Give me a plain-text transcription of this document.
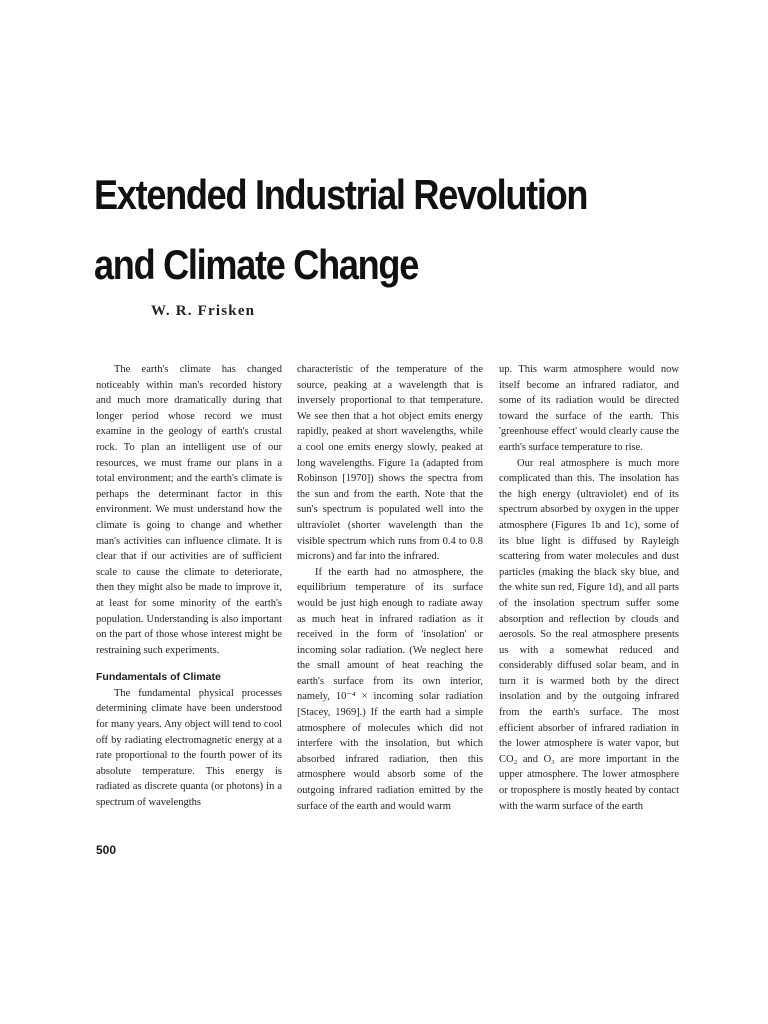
Extended Industrial Revolution
and Climate Change
W. R. Frisken

The earth's climate has changed noticeably within man's recorded history and much more dramatically during that longer period whose record we must examine in the geology of earth's crustal rock. To plan an intelligent use of our resources, we must frame our plans in a total environment; and the earth's climate is perhaps the determinant factor in this environment. We must understand how the climate is going to change and whether man's activities can influence climate. It is clear that if our activities are of sufficient scale to cause the climate to deteriorate, then they might also be made to improve it, at least for some minority of the earth's population. Understanding is also important on the part of those whose interest might be restraining such experiments.

Fundamentals of Climate

The fundamental physical processes determining climate have been understood for many years. Any object will tend to cool off by radiating electromagnetic energy at a rate proportional to the fourth power of its absolute temperature. This energy is radiated as discrete quanta (or photons) in a spectrum of wavelengths

characteristic of the temperature of the source, peaking at a wavelength that is inversely proportional to that temperature. We see then that a hot object emits energy rapidly, peaked at short wavelengths, while a cool one emits energy slowly, peaked at long wavelengths. Figure 1a (adapted from Robinson [1970]) shows the spectra from the sun and from the earth. Note that the sun's spectrum is populated well into the ultraviolet (shorter wavelength than the visible spectrum which runs from 0.4 to 0.8 microns) and far into the infrared.

If the earth had no atmosphere, the equilibrium temperature of its surface would be just high enough to radiate away as much heat in infrared radiation as it received in the form of 'insolation' or incoming solar radiation. (We neglect here the small amount of heat reaching the earth's surface from its own interior, namely, 10⁻⁴ × incoming solar radiation [Stacey, 1969].) If the earth had a simple atmosphere of molecules which did not interfere with the insolation, but which absorbed infrared radiation, then this atmosphere would absorb some of the outgoing infrared radiation emitted by the surface of the earth and would warm

up. This warm atmosphere would now itself become an infrared radiator, and some of its radiation would be directed toward the surface of the earth. This 'greenhouse effect' would clearly cause the earth's surface temperature to rise.

Our real atmosphere is much more complicated than this. The insolation has the high energy (ultraviolet) end of its spectrum absorbed by oxygen in the upper atmosphere (Figures 1b and 1c), some of its blue light is diffused by Rayleigh scattering from water molecules and dust particles (making the black sky blue, and the white sun red, Figure 1d), and all parts of the insolation spectrum suffer some absorption and reflection by clouds and aerosols. So the real atmosphere presents us with a somewhat reduced and considerably diffused solar beam, and in turn it is warmed both by the direct insolation and by the outgoing infrared from the earth's surface. The most efficient absorber of infrared radiation in the lower atmosphere is water vapor, but CO₂ and O₃ are more important in the upper atmosphere. The lower atmosphere or troposphere is mostly heated by contact with the warm surface of the earth

500
